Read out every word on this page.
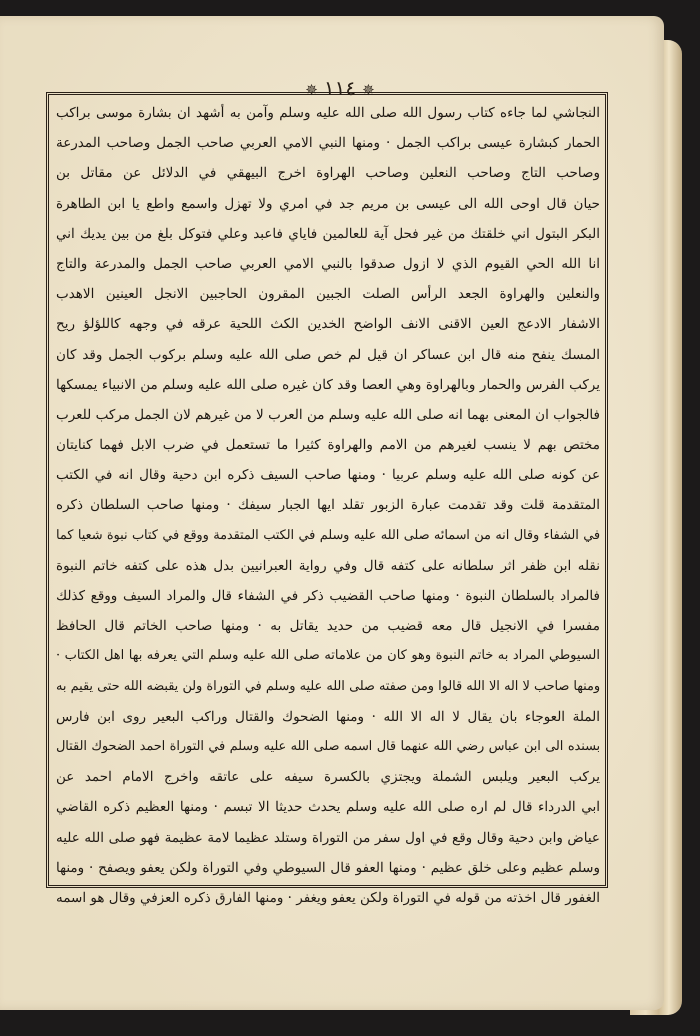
✵١١٤✵
النجاشي لما جاءه كتاب رسول الله صلى الله عليه وسلم وآمن به أشهد ان بشارة موسى براكب
الحمار كبشارة عيسى براكب الجمل · ومنها النبي الامي العربي صاحب الجمل وصاحب المدرعة
وصاحب التاج وصاحب النعلين وصاحب الهراوة اخرج البيهقي في الدلائل عن مقاتل بن
حيان قال اوحى الله الى عيسى بن مريم جد في امري ولا تهزل واسمع واطع يا ابن الطاهرة
البكر البتول اني خلقتك من غير فحل آية للعالمين فاياي فاعبد وعلي فتوكل بلغ من بين يديك اني
انا الله الحي القيوم الذي لا ازول صدقوا بالنبي الامي العربي صاحب الجمل والمدرعة والتاج
والنعلين والهراوة الجعد الرأس الصلت الجبين المقرون الحاجبين الانجل العينين الاهدب
الاشفار الادعج العين الاقنى الانف الواضح الخدين الكث اللحية عرقه في وجهه كاللؤلؤ ريح
المسك ينفح منه قال ابن عساكر ان قيل لم خص صلى الله عليه وسلم بركوب الجمل وقد كان
يركب الفرس والحمار وبالهراوة وهي العصا وقد كان غيره صلى الله عليه وسلم من الانبياء يمسكها
فالجواب ان المعنى بهما انه صلى الله عليه وسلم من العرب لا من غيرهم لان الجمل مركب للعرب
مختص بهم لا ينسب لغيرهم من الامم والهراوة كثيرا ما تستعمل في ضرب الابل فهما كنايتان
عن كونه صلى الله عليه وسلم عربيا · ومنها صاحب السيف ذكره ابن دحية وقال انه في الكتب
المتقدمة قلت وقد تقدمت عبارة الزبور تقلد ايها الجبار سيفك · ومنها صاحب السلطان ذكره
في الشفاء وقال انه من اسمائه صلى الله عليه وسلم في الكتب المتقدمة ووقع في كتاب نبوة شعيا كما
نقله ابن ظفر اثر سلطانه على كتفه قال وفي رواية العبرانيين بدل هذه على كتفه خاتم النبوة
فالمراد بالسلطان النبوة · ومنها صاحب القضيب ذكر في الشفاء قال والمراد السيف ووقع كذلك
مفسرا في الانجيل قال معه قضيب من حديد يقاتل به · ومنها صاحب الخاتم قال الحافظ
السيوطي المراد به خاتم النبوة وهو كان من علاماته صلى الله عليه وسلم التي يعرفه بها اهل الكتاب ·
ومنها صاحب لا اله الا الله قالوا ومن صفته صلى الله عليه وسلم في التوراة ولن يقبضه الله حتى يقيم به
الملة العوجاء بان يقال لا اله الا الله · ومنها الضحوك والقتال وراكب البعير روى ابن فارس
بسنده الى ابن عباس رضي الله عنهما قال اسمه صلى الله عليه وسلم في التوراة احمد الضحوك القتال
يركب البعير ويلبس الشملة ويجتزي بالكسرة سيفه على عاتقه واخرج الامام احمد عن
ابي الدرداء قال لم اره صلى الله عليه وسلم يحدث حديثا الا تبسم · ومنها العظيم ذكره القاضي
عياض وابن دحية وقال وقع في اول سفر من التوراة وستلد عظيما لامة عظيمة فهو صلى الله عليه
وسلم عظيم وعلى خلق عظيم · ومنها العفو قال السيوطي وفي التوراة ولكن يعفو ويصفح · ومنها
الغفور قال اخذته من قوله في التوراة ولكن يعفو ويغفر · ومنها الفارق ذكره العزفي وقال هو اسمه
